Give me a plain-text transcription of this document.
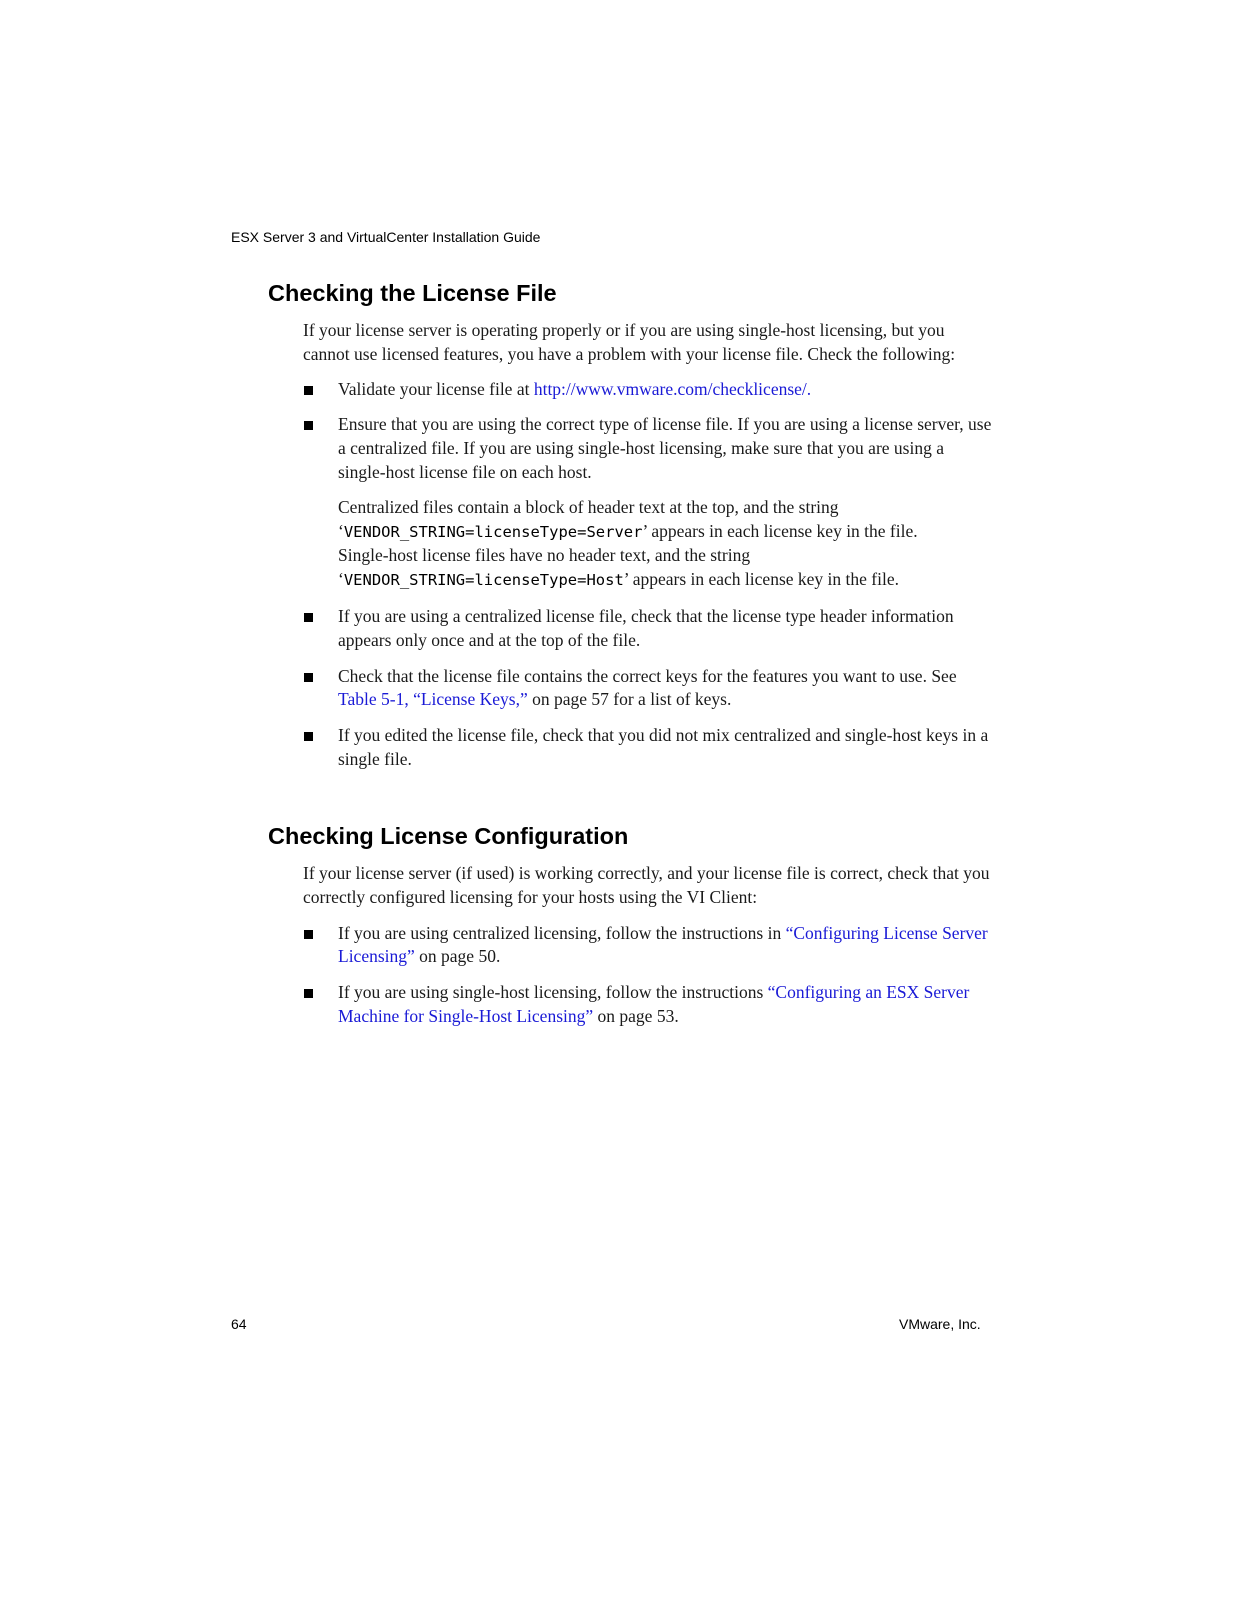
ESX Server 3 and VirtualCenter Installation Guide
Checking the License File

If your license server is operating properly or if you are using single-host licensing, but you cannot use licensed features, you have a problem with your license file. Check the following:

Validate your license file at http://www.vmware.com/checklicense/.
Ensure that you are using the correct type of license file. If you are using a license server, use a centralized file. If you are using single-host licensing, make sure that you are using a single-host license file on each host.

Centralized files contain a block of header text at the top, and the string
‘VENDOR_STRING=licenseType=Server’ appears in each license key in the file.
Single-host license files have no header text, and the string
‘VENDOR_STRING=licenseType=Host’ appears in each license key in the file.

If you are using a centralized license file, check that the license type header information appears only once and at the top of the file.
Check that the license file contains the correct keys for the features you want to use. See Table 5-1, “License Keys,” on page 57 for a list of keys.
If you edited the license file, check that you did not mix centralized and single-host keys in a single file.
Checking License Configuration

If your license server (if used) is working correctly, and your license file is correct, check that you correctly configured licensing for your hosts using the VI Client:

If you are using centralized licensing, follow the instructions in “Configuring License Server Licensing” on page 50.
If you are using single-host licensing, follow the instructions “Configuring an ESX Server Machine for Single-Host Licensing” on page 53.
64	VMware, Inc.
